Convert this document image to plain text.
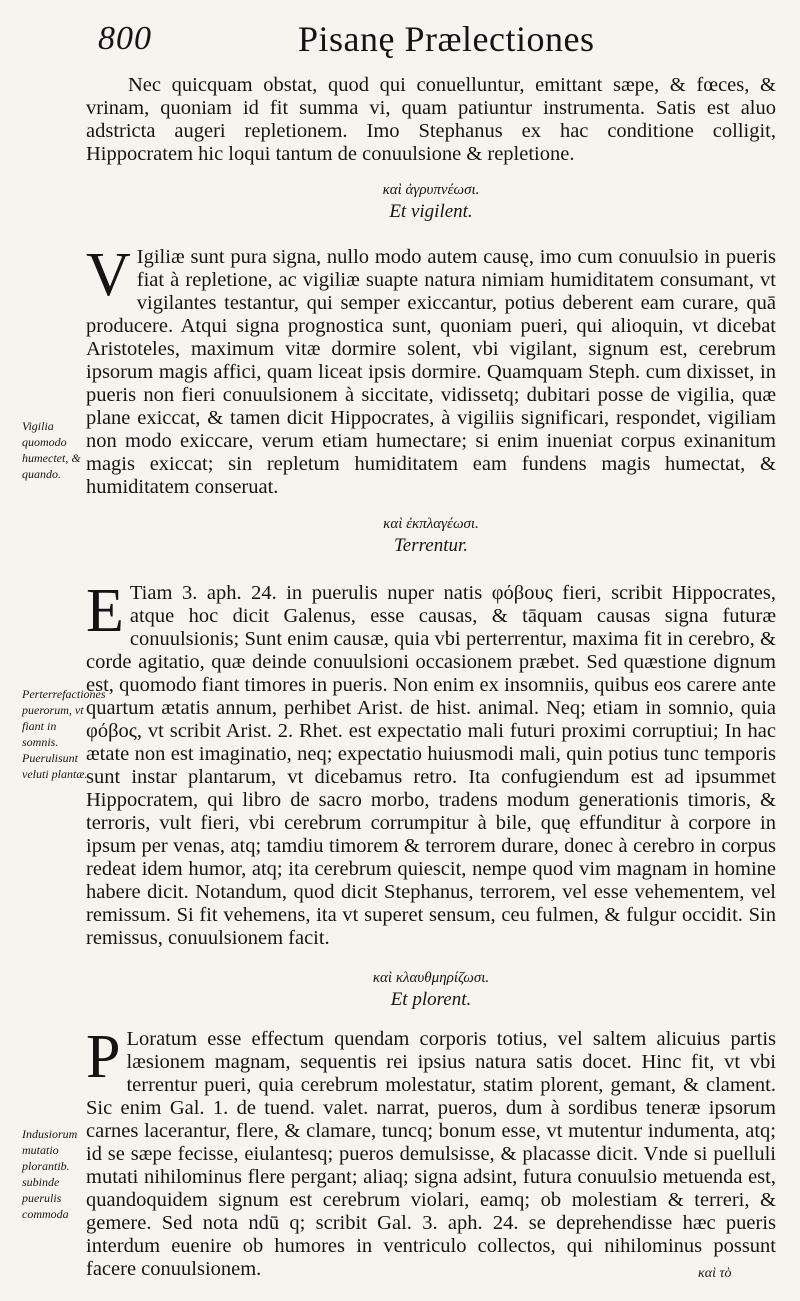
800	Pisanę Prælectiones

Nec quicquam obstat, quod qui conuelluntur, emittant sæpe, & fœces, & vrinam, quoniam id fit summa vi, quam patiuntur instrumenta. Satis est aluo adstricta augeri repletionem. Imo Stephanus ex hac conditione colligit, Hippocratem hic loqui tantum de conuulsione & repletione.

καὶ ἀγρυπνέωσι.
Et vigilent.

V Igiliæ sunt pura signa, nullo modo autem causę, imo cum conuulsio in pueris fiat à repletione, ac vigiliæ suapte natura nimiam humiditatem consumant, vt vigilantes testantur, qui semper exiccantur, potius deberent eam curare, quā producere. Atqui signa prognostica sunt, quoniam pueri, qui alioquin, vt dicebat Aristoteles, maximum vitæ dormire solent, vbi vigilant, signum est, cerebrum ipsorum magis affici, quam liceat ipsis dormire. Quamquam Steph. cum dixisset, in pueris non fieri conuulsionem à siccitate, vidissetq; dubitari posse de vigilia, quæ plane exiccat, & tamen dicit Hippocrates, à vigiliis significari, respondet, vigiliam non modo exiccare, verum etiam humectare; si enim inueniat corpus exinanitum magis exiccat; sin repletum humiditatem eam fundens magis humectat, & humiditatem conseruat.

καὶ ἐκπλαγέωσι.
Terrentur.

E Tiam 3. aph. 24. in puerulis nuper natis φόβους fieri, scribit Hippocrates, atque hoc dicit Galenus, esse causas, & tāquam causas signa futuræ conuulsionis; Sunt enim causæ, quia vbi perterrentur, maxima fit in cerebro, & corde agitatio, quæ deinde conuulsioni occasionem præbet. Sed quæstione dignum est, quomodo fiant timores in pueris. Non enim ex insomniis, quibus eos carere ante quartum ætatis annum, perhibet Arist. de hist. animal. Neq; etiam in somnio, quia φόβος, vt scribit Arist. 2. Rhet. est expectatio mali futuri proximi corruptiui; In hac ætate non est imaginatio, neq; expectatio huiusmodi mali, quin potius tunc temporis sunt instar plantarum, vt dicebamus retro. Ita confugiendum est ad ipsummet Hippocratem, qui libro de sacro morbo, tradens modum generationis timoris, & terroris, vult fieri, vbi cerebrum corrumpitur à bile, quę effunditur à corpore in ipsum per venas, atq; tamdiu timorem & terrorem durare, donec à cerebro in corpus redeat idem humor, atq; ita cerebrum quiescit, nempe quod vim magnam in homine habere dicit. Notandum, quod dicit Stephanus, terrorem, vel esse vehementem, vel remissum. Si fit vehemens, ita vt superet sensum, ceu fulmen, & fulgur occidit. Sin remissus, conuulsionem facit.

καὶ κλαυθμηρίζωσι.
Et plorent.

P Loratum esse effectum quendam corporis totius, vel saltem alicuius partis læsionem magnam, sequentis rei ipsius natura satis docet. Hinc fit, vt vbi terrentur pueri, quia cerebrum molestatur, statim plorent, gemant, & clament. Sic enim Gal. 1. de tuend. valet. narrat, pueros, dum à sordibus teneræ ipsorum carnes lacerantur, flere, & clamare, tuncq; bonum esse, vt mutentur indumenta, atq; id se sæpe fecisse, eiulantesq; pueros demulsisse, & placasse dicit. Vnde si puelluli mutati nihilominus flere pergant; aliaq; signa adsint, futura conuulsio metuenda est, quandoquidem signum est cerebrum violari, eamq; ob molestiam & terreri, & gemere. Sed nota ndū q; scribit Gal. 3. aph. 24. se deprehendisse hæc pueris interdum euenire ob humores in ventriculo collectos, qui nihilominus possunt facere conuulsionem.

Vigilia quomodo humectet, & quando.
Perterrefactiones puerorum, vt fiant in somnis. Puerulisunt veluti plantæ.
Indusiorum mutatio plorantib. subinde puerulis commoda
καὶ τὸ
